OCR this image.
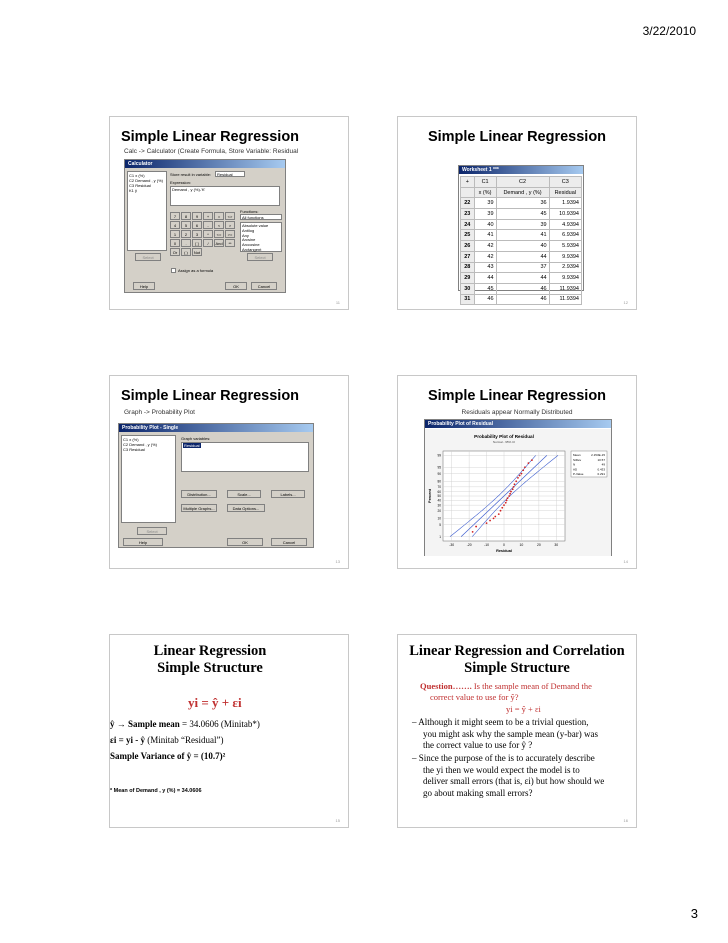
3/22/2010
Simple Linear Regression
Calc -> Calculator (Create Formula, Store Variable: Residual
Calculator
C1 x (%)
C2 Demand , y (%)
C3 Residual
K1 ŷ
Store result in variable:	Residual
Expression:
Demand , y (%)-'K'
7	8	9	+	=	<>
4	5	6	-	<	>
1	2	3	*	<=	>=
0	.	[ ]	/	And	**
Or	( )	Not
Functions:
All functions
Absolute value
Antilog
Any
Arcsine
Arccosine
Arctangent
Select	Select
Assign as a formula
Help	OK	Cancel
11
Simple Linear Regression
Worksheet 1 ***
+	C1	C2	C3
	x (%)	Demand , y (%)	Residual
22	39	36	1.9394
23	39	45	10.9394
24	40	39	4.9394
25	41	41	6.9394
26	42	40	5.9394
27	42	44	9.9394
28	43	37	2.9394
29	44	44	9.9394
30	45	46	11.9394
31	46	46	11.9394
12
Simple Linear Regression
Graph -> Probability Plot
Probability Plot - Single
C1 x (%)
C2 Demand , y (%)
C3 Residual
Graph variables:
Residual
Distribution...	Scale...	Labels...
Multiple Graphs...	Data Options...
Select
Help	OK	Cancel
13
Simple Linear Regression
Residuals appear Normally Distributed
Probability Plot of Residual
1
5
10
20
30
40
50
60
70
80
90
95
99
-30	-20	-10	0	10	20	30
Probability Plot of Residual
Normal - 95% CI
Residual
Percent
Mean	2.153E-15
StDev	10.57
N	49
AD	0.433
P-Value	0.291
14
Linear Regression
Simple Structure
yi = ŷ + εi
ŷ → Sample mean = 34.0606 (Minitab*)
εi = yi - ŷ (Minitab “Residual”)
Sample Variance of ŷ = (10.7)²
* Mean of Demand , y (%) = 34.0606
15
Linear Regression and Correlation
Simple Structure
Question……. Is the sample mean of Demand the
correct value to use for ŷ?
yi = ŷ + εi
– Although it might seem to be a trivial question,
you might ask why the sample mean (y-bar) was
the correct value to use for ŷ ?
– Since the purpose of the is to accurately describe
the yi then we would expect the model is to
deliver small errors (that is, εi) but how should we
go about making small errors?
16
3
